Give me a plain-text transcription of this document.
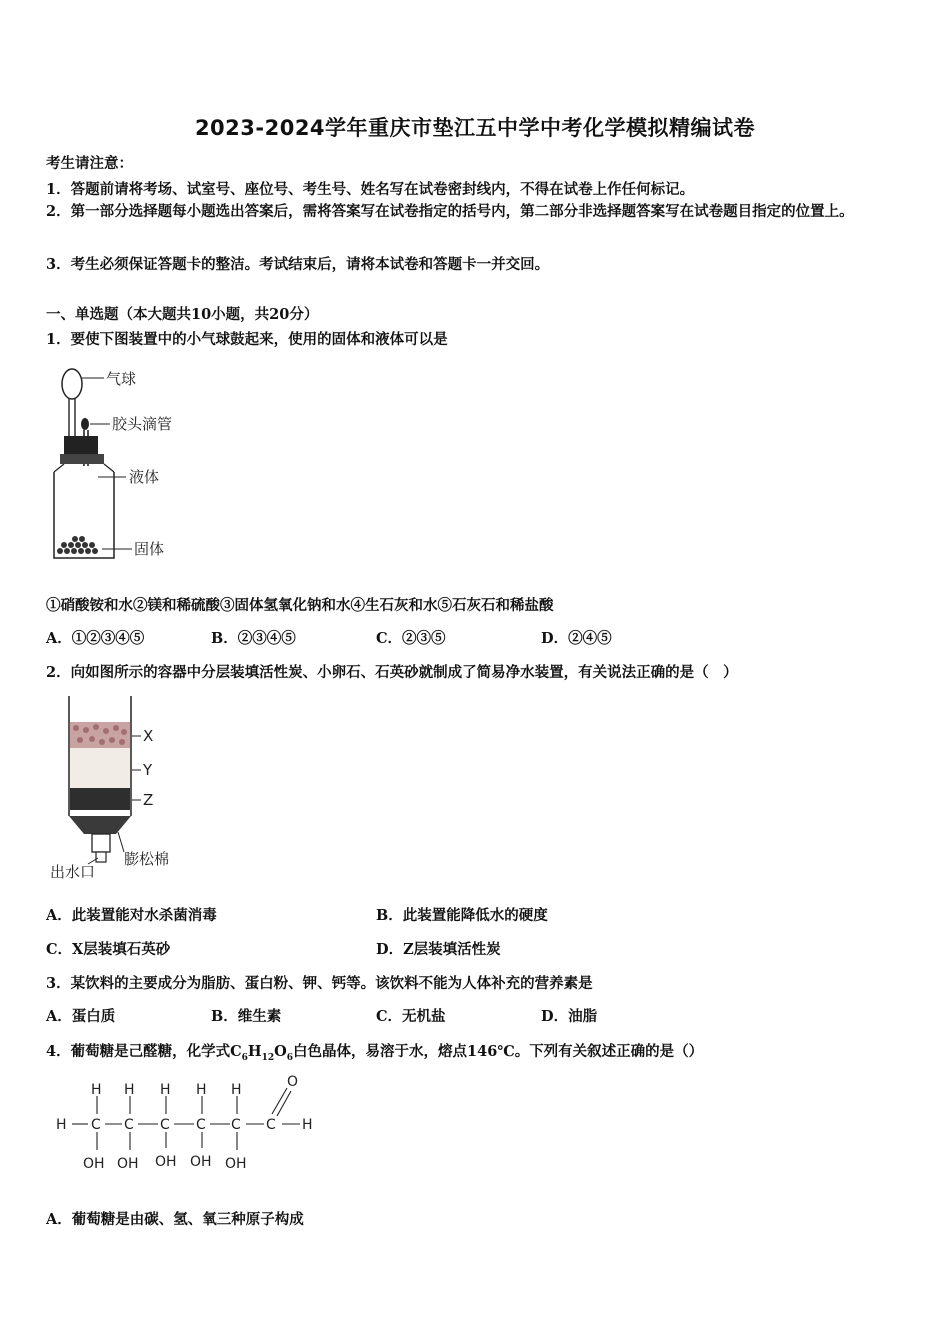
2023-2024学年重庆市垫江五中学中考化学模拟精编试卷
考生请注意：
1．答题前请将考场、试室号、座位号、考生号、姓名写在试卷密封线内，不得在试卷上作任何标记。
2．第一部分选择题每小题选出答案后，需将答案写在试卷指定的括号内，第二部分非选择题答案写在试卷题目指定的位置上。
3．考生必须保证答题卡的整洁。考试结束后，请将本试卷和答题卡一并交回。
一、单选题（本大题共10小题，共20分）
1．要使下图装置中的小气球鼓起来，使用的固体和液体可以是
气球
胶头滴管
液体
固体
①硝酸铵和水②镁和稀硫酸③固体氢氧化钠和水④生石灰和水⑤石灰石和稀盐酸
A．①②③④⑤	B．②③④⑤	C．②③⑤	D．②④⑤
2．向如图所示的容器中分层装填活性炭、小卵石、石英砂就制成了简易净水装置，有关说法正确的是（　）
X
Y
Z
膨松棉
出水口
A．此装置能对水杀菌消毒	B．此装置能降低水的硬度
C．X层装填石英砂	D．Z层装填活性炭
3．某饮料的主要成分为脂肪、蛋白粉、钾、钙等。该饮料不能为人体补充的营养素是
A．蛋白质	B．维生素	C．无机盐	D．油脂
4．葡萄糖是己醛糖，化学式$C_6H_{12}O_6$白色晶体，易溶于水，熔点146℃。下列有关叙述正确的是（）
H C C C C C C H
H H H H H	O
OH OH OH OH OH
A．葡萄糖是由碳、氢、氧三种原子构成
